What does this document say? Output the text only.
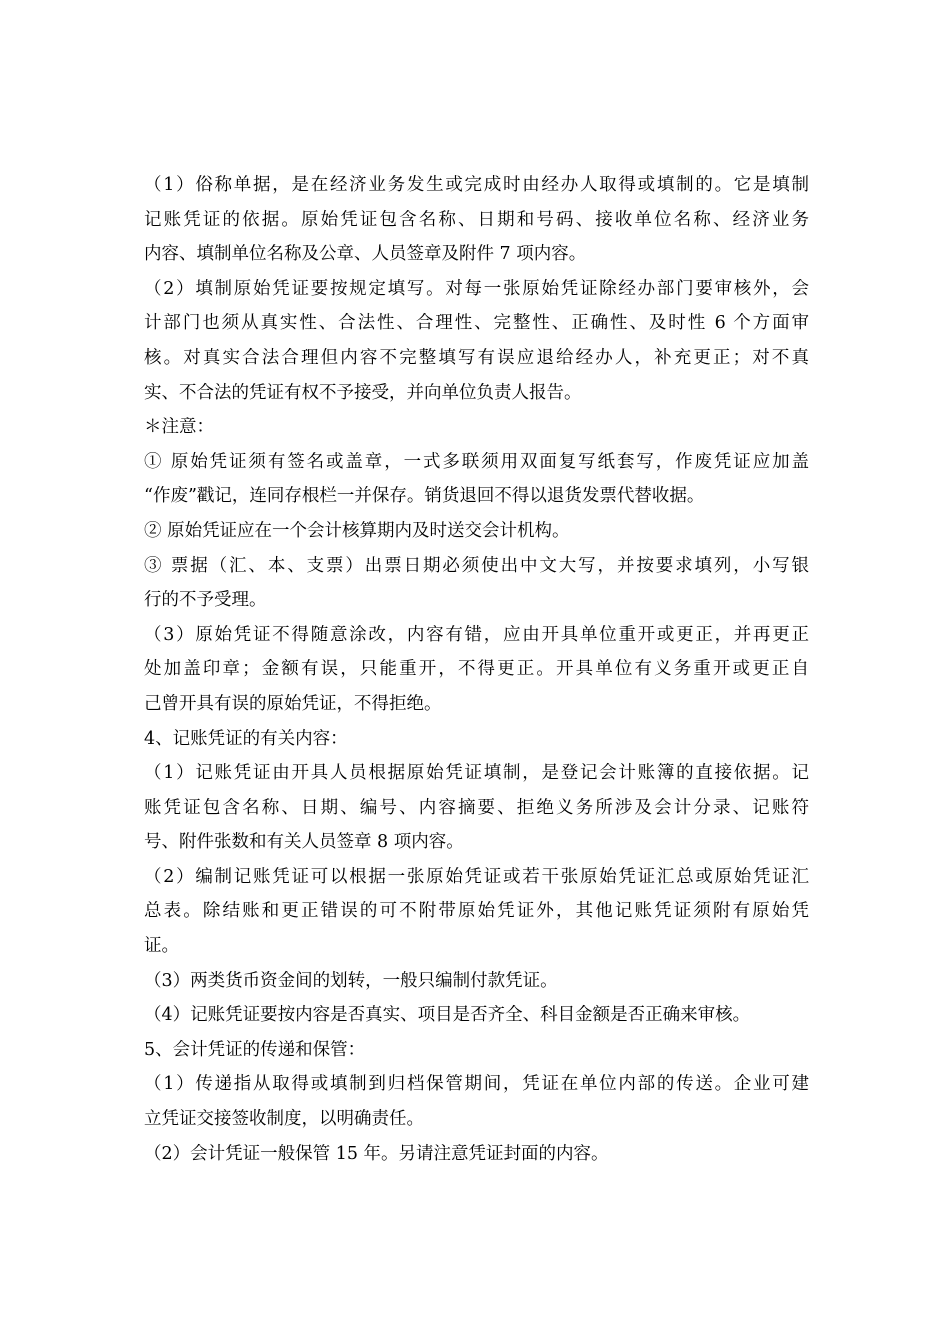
（1）俗称单据，是在经济业务发生或完成时由经办人取得或填制的。它是填制
记账凭证的依据。原始凭证包含名称、日期和号码、接收单位名称、经济业务
内容、填制单位名称及公章、人员签章及附件 7 项内容。
（2）填制原始凭证要按规定填写。对每一张原始凭证除经办部门要审核外，会
计部门也须从真实性、合法性、合理性、完整性、正确性、及时性 6 个方面审
核。对真实合法合理但内容不完整填写有误应退给经办人，补充更正；对不真
实、不合法的凭证有权不予接受，并向单位负责人报告。
＊注意：
① 原始凭证须有签名或盖章，一式多联须用双面复写纸套写，作废凭证应加盖
“作废”戳记，连同存根栏一并保存。销货退回不得以退货发票代替收据。
② 原始凭证应在一个会计核算期内及时送交会计机构。
③ 票据（汇、本、支票）出票日期必须使出中文大写，并按要求填列，小写银
行的不予受理。
（3）原始凭证不得随意涂改，内容有错，应由开具单位重开或更正，并再更正
处加盖印章；金额有误，只能重开，不得更正。开具单位有义务重开或更正自
己曾开具有误的原始凭证，不得拒绝。
4、记账凭证的有关内容：
（1）记账凭证由开具人员根据原始凭证填制，是登记会计账簿的直接依据。记
账凭证包含名称、日期、编号、内容摘要、拒绝义务所涉及会计分录、记账符
号、附件张数和有关人员签章 8 项内容。
（2）编制记账凭证可以根据一张原始凭证或若干张原始凭证汇总或原始凭证汇
总表。除结账和更正错误的可不附带原始凭证外，其他记账凭证须附有原始凭
证。
（3）两类货币资金间的划转，一般只编制付款凭证。
（4）记账凭证要按内容是否真实、项目是否齐全、科目金额是否正确来审核。
5、会计凭证的传递和保管：
（1）传递指从取得或填制到归档保管期间，凭证在单位内部的传送。企业可建
立凭证交接签收制度，以明确责任。
（2）会计凭证一般保管 15 年。另请注意凭证封面的内容。
